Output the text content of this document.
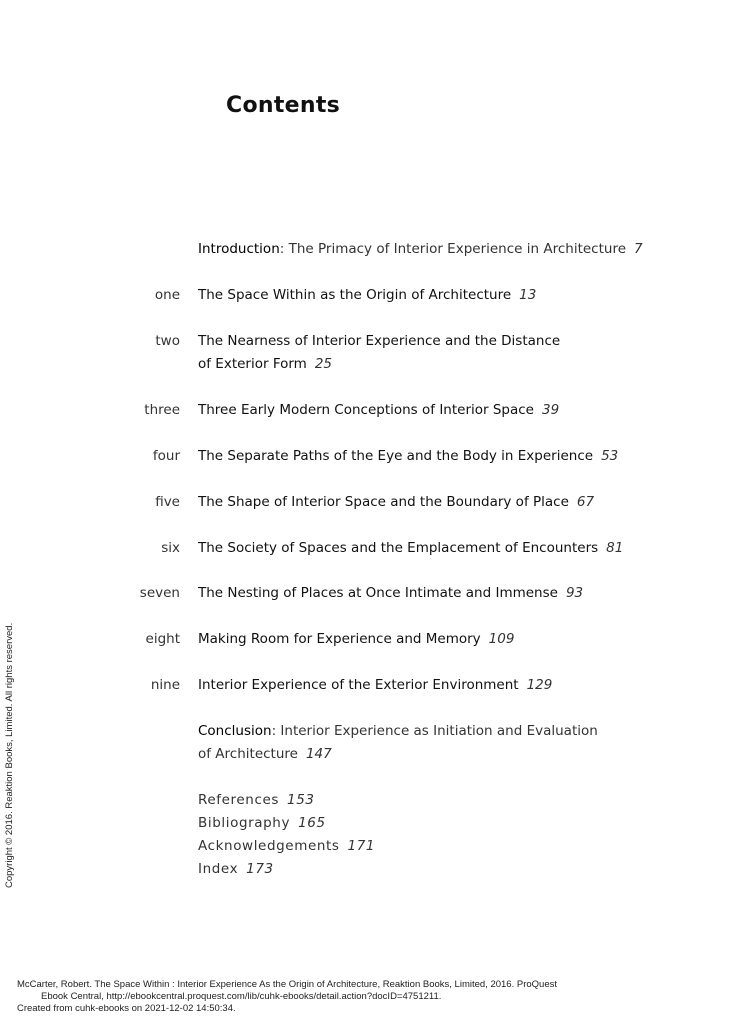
Contents
Introduction: The Primacy of Interior Experience in Architecture 7
one The Space Within as the Origin of Architecture 13
two The Nearness of Interior Experience and the Distance
of Exterior Form 25
three Three Early Modern Conceptions of Interior Space 39
four The Separate Paths of the Eye and the Body in Experience 53
five The Shape of Interior Space and the Boundary of Place 67
six The Society of Spaces and the Emplacement of Encounters 81
seven The Nesting of Places at Once Intimate and Immense 93
eight Making Room for Experience and Memory 109
nine Interior Experience of the Exterior Environment 129
Conclusion: Interior Experience as Initiation and Evaluation
of Architecture 147
References 153
Bibliography 165
Acknowledgements 171
Index 173
Copyright © 2016. Reaktion Books, Limited. All rights reserved.
McCarter, Robert. The Space Within : Interior Experience As the Origin of Architecture, Reaktion Books, Limited, 2016. ProQuest
Ebook Central, http://ebookcentral.proquest.com/lib/cuhk-ebooks/detail.action?docID=4751211.
Created from cuhk-ebooks on 2021-12-02 14:50:34.
